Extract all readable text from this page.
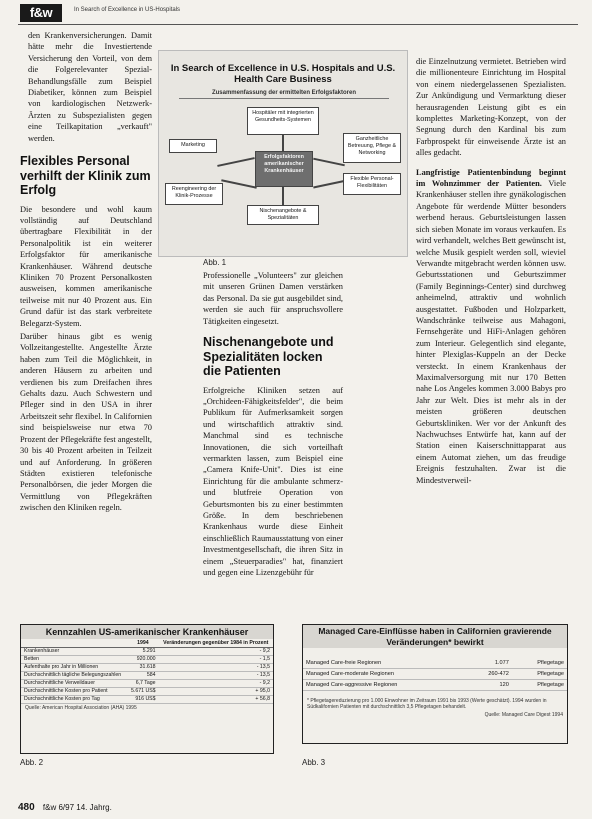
f&w	In Search of Excellence in US-Hospitals

den Krankenversicherungen. Damit hätte mehr die Investiertende Versicherung den Vorteil, von dem die Folgerelevanter Spezial-Behandlungsfälle zum Beispiel Diabetiker, können zum Beispiel von kardiologischen Netzwerk-Ärzten zu Subspezialisten gegen eine Teilkapitation „verkauft" werden.

Flexibles Personal verhilft der Klinik zum Erfolg

Die besondere und wohl kaum vollständig auf Deutschland übertragbare Flexibilität in der Personalpolitik ist ein weiterer Erfolgsfaktor für amerikanische Krankenhäuser. Während deutsche Kliniken 70 Prozent Personalkosten ausweisen, kommen amerikanische teilweise mit nur 40 Prozent aus. Ein Grund dafür ist das stark verbreitete Belegarzt-System.

Darüber hinaus gibt es wenig Vollzeitangestellte. Angestellte Ärzte haben zum Teil die Möglichkeit, in anderen Häusern zu arbeiten und verdienen bis zum Dreifachen ihres Gehalts dazu. Auch Schwestern und Pfleger sind in den USA in ihrer Arbeitszeit sehr flexibel. In Californien sind beispielsweise nur etwa 70 Prozent der Pflegekräfte fest angestellt, 30 bis 40 Prozent arbeiten in Teilzeit und auf Anforderung. In größeren Städten existieren telefonische Personalbörsen, die jeder Morgen die Vermittlung von Pflegekräften zwischen den Kliniken regeln.

In Search of Excellence in U.S. Hospitals and U.S. Health Care Business
Zusammenfassung der ermittelten Erfolgsfaktoren
Hospitäler mit integrierten Gesundheits-Systemen
Marketing
Ganzheitliche Betreuung, Pflege & Networking
Erfolgsfaktoren amerikanischer Krankenhäuser
Reengineering der Klinik-Prozesse
Flexible Personal-Flexibilitäten
Nischenangebote & Spezialitäten
Abb. 1

Professionelle „Volunteers" zur gleichen mit unseren Grünen Damen verstärken das Personal. Da sie gut ausgebildet sind, werden sie auch für anspruchsvollere Tätigkeiten eingesetzt.

Nischenangebote und Spezialitäten locken die Patienten

Erfolgreiche Kliniken setzen auf „Orchideen-Fähigkeitsfelder", die beim Publikum für Aufmerksamkeit sorgen und wirtschaftlich attraktiv sind. Manchmal sind es technische Innovationen, die sich vorteilhaft vermarkten lassen, zum Beispiel eine „Camera Knife-Unit". Dies ist eine Einrichtung für die ambulante schmerz- und blutfreie Operation von Geburtsmonten bis zu einer bestimmten Größe. In dem beschriebenen Krankenhaus wurde diese Einheit einschließlich Raumausstattung von einer Investmentgesellschaft, die ihren Sitz in einem „Steuerparadies" hat, finanziert und gegen eine Lizenzgebühr für

die Einzelnutzung vermietet. Betrieben wird die millionenteure Einrichtung im Hospital von einem niedergelassenen Spezialisten. Zur Ankündigung und Vermarktung dieser herausragenden Leistung gibt es ein komplettes Marketing-Konzept, von der Segnung durch den Kardinal bis zum Farbprospekt für einweisende Ärzte ist an alles gedacht.

Langfristige Patientenbindung beginnt im Wohnzimmer der Patienten. Viele Krankenhäuser stellen ihre gynäkologischen Angebote für werdende Mütter besonders werbend heraus. Geburtsleistungen lassen sich sieben Monate im voraus verkaufen. Es wird verhandelt, welches Bett gewünscht ist, welche Musik gespielt werden soll, wieviel Verwandte mitgebracht werden können usw. Geburtsstationen und Geburtszimmer (Family Beginnings-Center) sind durchweg anheimelnd, attraktiv und wohnlich ausgestattet. Fußboden und Holzparkett, Wandschränke teilweise aus Mahagoni, Fernsehgeräte und HiFi-Anlagen gehören zum Interieur. Gelegentlich sind elegante, hinter Plexiglas-Kuppeln an der Decke versteckt. In einem Krankenhaus der Maximalversorgung mit nur 170 Betten nahe Los Angeles kommen 3.000 Babys pro Jahr zur Welt. Dies ist mehr als in der meisten größeren deutschen Geburtskliniken. Wer vor der Ankunft des Nachwuchses Entwürfe hat, kann auf der Station einen Kaiserschnittapparat aus einem Automat ziehen, um das freudige Ereignis festzuhalten. Zwar ist die Mindestverweil-

Kennzahlen US-amerikanischer Krankenhäuser
	1994	Veränderungen gegenüber 1984 in Prozent
Krankenhäuser	5.291	- 9,2
Betten	920.000	- 1,5
Aufenthalte pro Jahr in Millionen	31.618	- 13,5
Durchschnittlich tägliche Belegungszahlen	584	- 13,5
Durchschnittliche Verweildauer	6,7 Tage	- 9,2
Durchschnittliche Kosten pro Patient	5.671 US$	+ 95,0
Durchschnittliche Kosten pro Tag	916 US$	+ 56,8
Quelle: American Hospital Association (AHA) 1995
Abb. 2
Managed Care-Einflüsse haben in Californien gravierende Veränderungen* bewirkt
Managed Care-freie Regionen	1.077	Pflegetage
Managed Care-moderate Regionen	260-472	Pflegetage
Managed Care-aggressive Regionen	120	Pflegetage
* Pflegetagereduzierung pro 1.000 Einwohner im Zeitraum 1991 bis 1993 (Werte geschätzt). 1994 wurden in Südkalifornien Patienten mit durchschnittlich 3,5 Pflegetagen behandelt.
Quelle: Managed Care Digest 1994
Abb. 3
480 f&w 6/97 14. Jahrg.
